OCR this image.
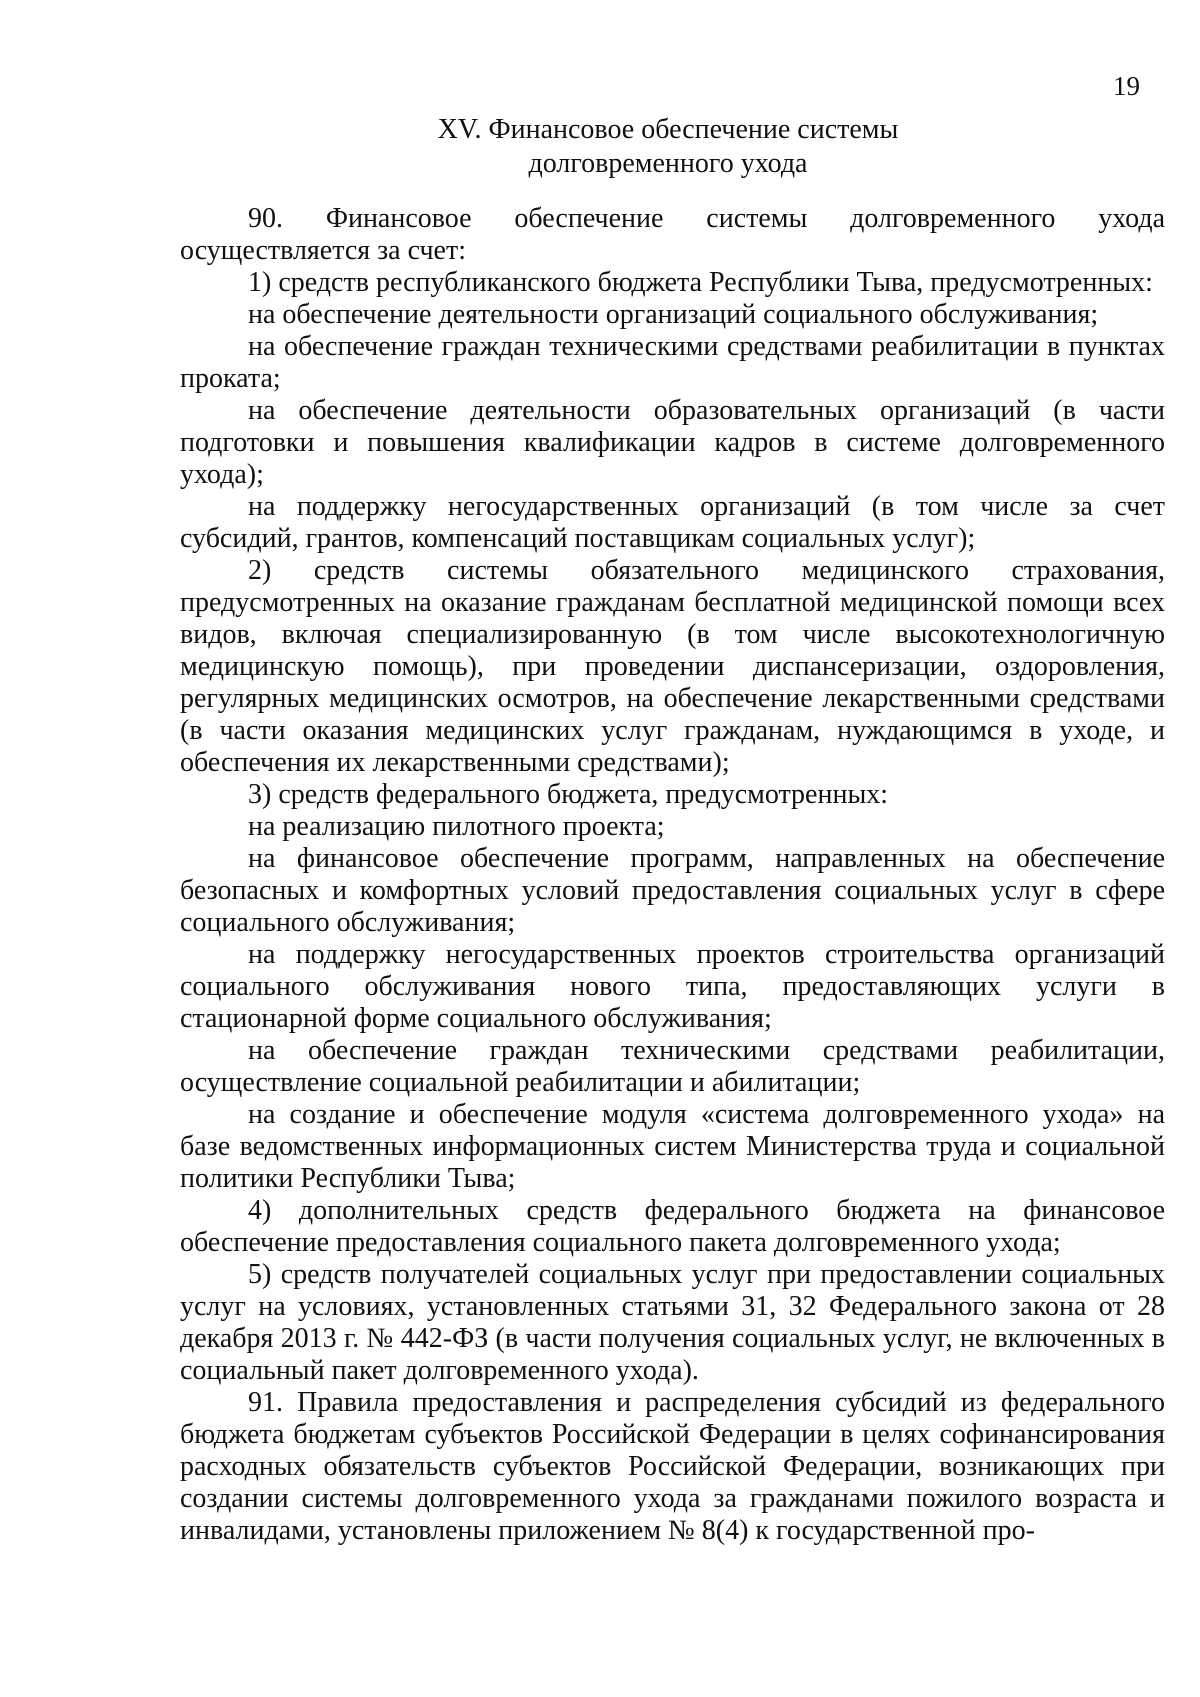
19
XV. Финансовое обеспечение системы
долговременного ухода

90. Финансовое обеспечение системы долговременного ухода осуществляется за счет:

1) средств республиканского бюджета Республики Тыва, предусмотренных:

на обеспечение деятельности организаций социального обслуживания;

на обеспечение граждан техническими средствами реабилитации в пунктах проката;

на обеспечение деятельности образовательных организаций (в части подготовки и повышения квалификации кадров в системе долговременного ухода);

на поддержку негосударственных организаций (в том числе за счет субсидий, грантов, компенсаций поставщикам социальных услуг);

2) средств системы обязательного медицинского страхования, предусмотренных на оказание гражданам бесплатной медицинской помощи всех видов, включая специализированную (в том числе высокотехнологичную медицинскую помощь), при проведении диспансеризации, оздоровления, регулярных медицинских осмотров, на обеспечение лекарственными средствами (в части оказания медицинских услуг гражданам, нуждающимся в уходе, и обеспечения их лекарственными средствами);

3) средств федерального бюджета, предусмотренных:

на реализацию пилотного проекта;

на финансовое обеспечение программ, направленных на обеспечение безопасных и комфортных условий предоставления социальных услуг в сфере социального обслуживания;

на поддержку негосударственных проектов строительства организаций социального обслуживания нового типа, предоставляющих услуги в стационарной форме социального обслуживания;

на обеспечение граждан техническими средствами реабилитации, осуществление социальной реабилитации и абилитации;

на создание и обеспечение модуля «система долговременного ухода» на базе ведомственных информационных систем Министерства труда и социальной политики Республики Тыва;

4) дополнительных средств федерального бюджета на финансовое обеспечение предоставления социального пакета долговременного ухода;

5) средств получателей социальных услуг при предоставлении социальных услуг на условиях, установленных статьями 31, 32 Федерального закона от 28 декабря 2013 г. № 442-ФЗ (в части получения социальных услуг, не включенных в социальный пакет долговременного ухода).

91. Правила предоставления и распределения субсидий из федерального бюджета бюджетам субъектов Российской Федерации в целях софинансирования расходных обязательств субъектов Российской Федерации, возникающих при создании системы долговременного ухода за гражданами пожилого возраста и инвалидами, установлены приложением № 8(4) к государственной про-
